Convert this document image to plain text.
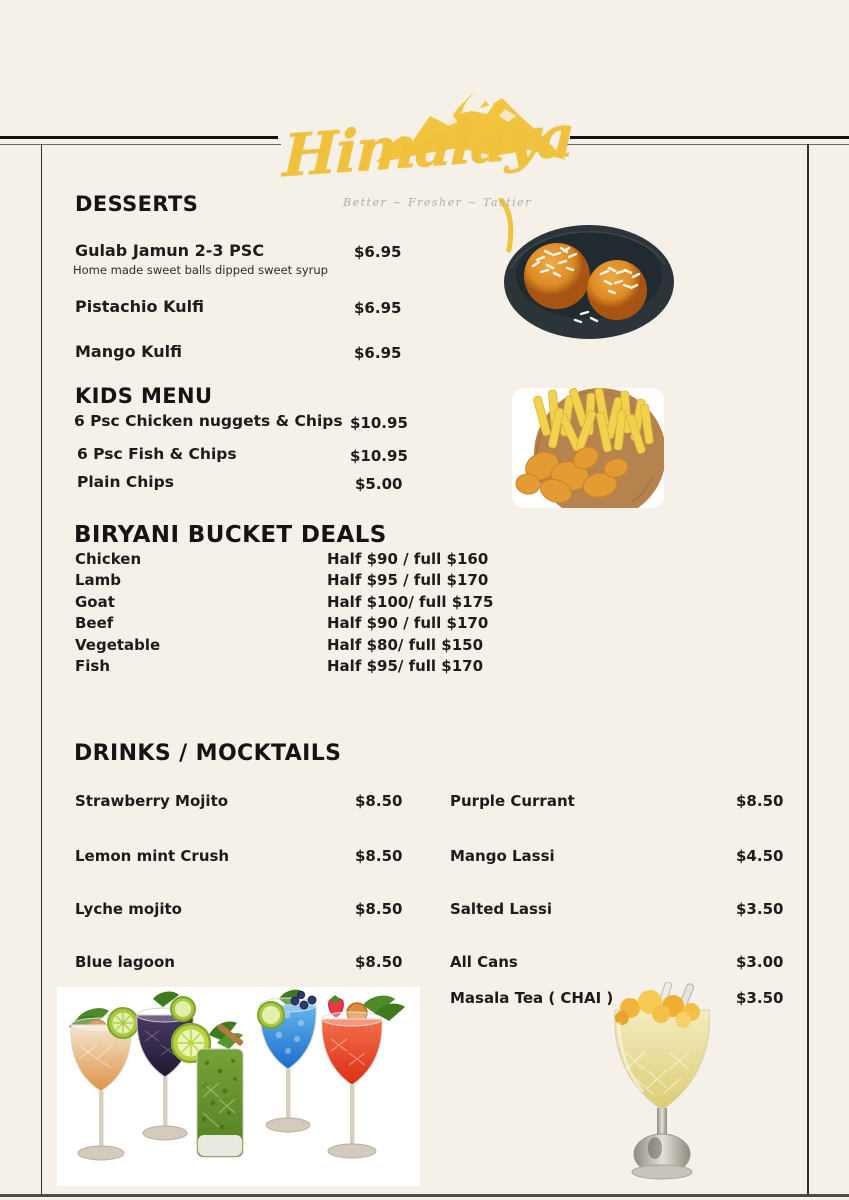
Himalaya
Better ~ Fresher ~ Tastier
DESSERTS
Gulab Jamun 2-3 PSC	$6.95
Home made sweet balls dipped sweet syrup
Pistachio Kulfi	$6.95
Mango Kulfi	$6.95
KIDS MENU
6 Psc Chicken nuggets & Chips $10.95
6 Psc Fish & Chips	$10.95
Plain Chips	$5.00
BIRYANI BUCKET DEALS
Chicken	Half $90 / full $160
Lamb	Half $95 / full $170
Goat	Half $100/ full $175
Beef	Half $90 / full $170
Vegetable	Half $80/ full $150
Fish	Half $95/ full $170
DRINKS / MOCKTAILS
Strawberry Mojito	$8.50
Lemon mint Crush	$8.50
Lyche mojito	$8.50
Blue lagoon	$8.50
Purple Currant	$8.50
Mango Lassi	$4.50
Salted Lassi	$3.50
All Cans	$3.00
Masala Tea ( CHAI )	$3.50
